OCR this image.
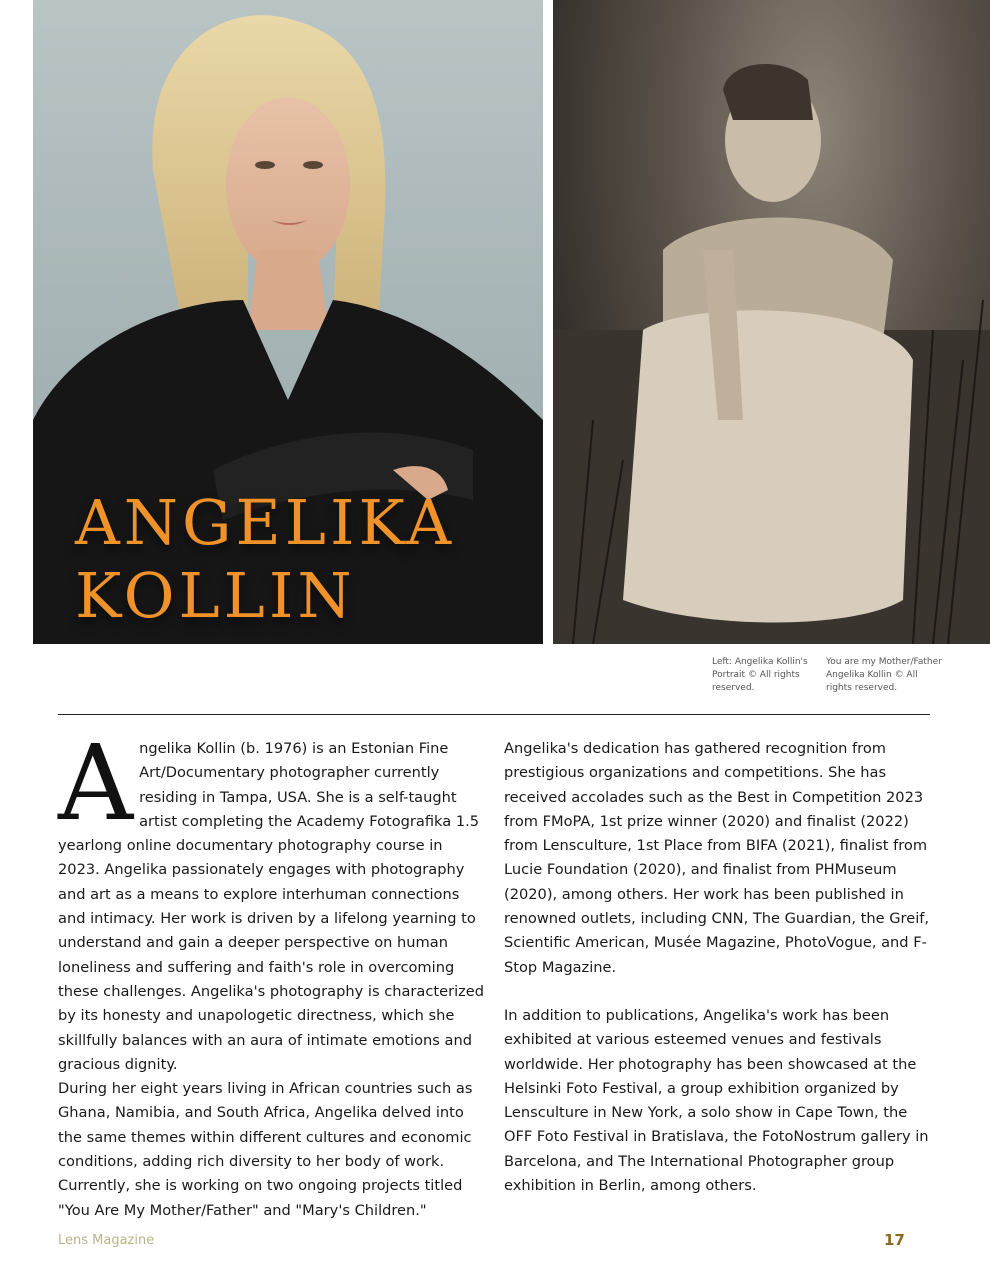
ANGELIKA
KOLLIN
Left: Angelika Kollin's Portrait © All rights reserved.
You are my Mother/Father Angelika Kollin © All rights reserved.
A ngelika Kollin (b. 1976) is an Estonian Fine Art/Documentary photographer currently residing in Tampa, USA. She is a self-taught artist completing the Academy Fotografika 1.5 yearlong online documentary photography course in 2023. Angelika passionately engages with photography and art as a means to explore interhuman connections and intimacy. Her work is driven by a lifelong yearning to understand and gain a deeper perspective on human loneliness and suffering and faith's role in overcoming these challenges. Angelika's photography is characterized by its honesty and unapologetic directness, which she skillfully balances with an aura of intimate emotions and gracious dignity.

During her eight years living in African countries such as Ghana, Namibia, and South Africa, Angelika delved into the same themes within different cultures and economic conditions, adding rich diversity to her body of work. Currently, she is working on two ongoing projects titled "You Are My Mother/Father" and "Mary's Children."

Angelika's dedication has gathered recognition from prestigious organizations and competitions. She has received accolades such as the Best in Competition 2023 from FMoPA, 1st prize winner (2020) and finalist (2022) from Lensculture, 1st Place from BIFA (2021), finalist from Lucie Foundation (2020), and finalist from PHMuseum (2020), among others. Her work has been published in renowned outlets, including CNN, The Guardian, the Greif, Scientific American, Musée Magazine, PhotoVogue, and F-Stop Magazine.

In addition to publications, Angelika's work has been exhibited at various esteemed venues and festivals worldwide. Her photography has been showcased at the Helsinki Foto Festival, a group exhibition organized by Lensculture in New York, a solo show in Cape Town, the OFF Foto Festival in Bratislava, the FotoNostrum gallery in Barcelona, and The International Photographer group exhibition in Berlin, among others.

Lens Magazine	17
